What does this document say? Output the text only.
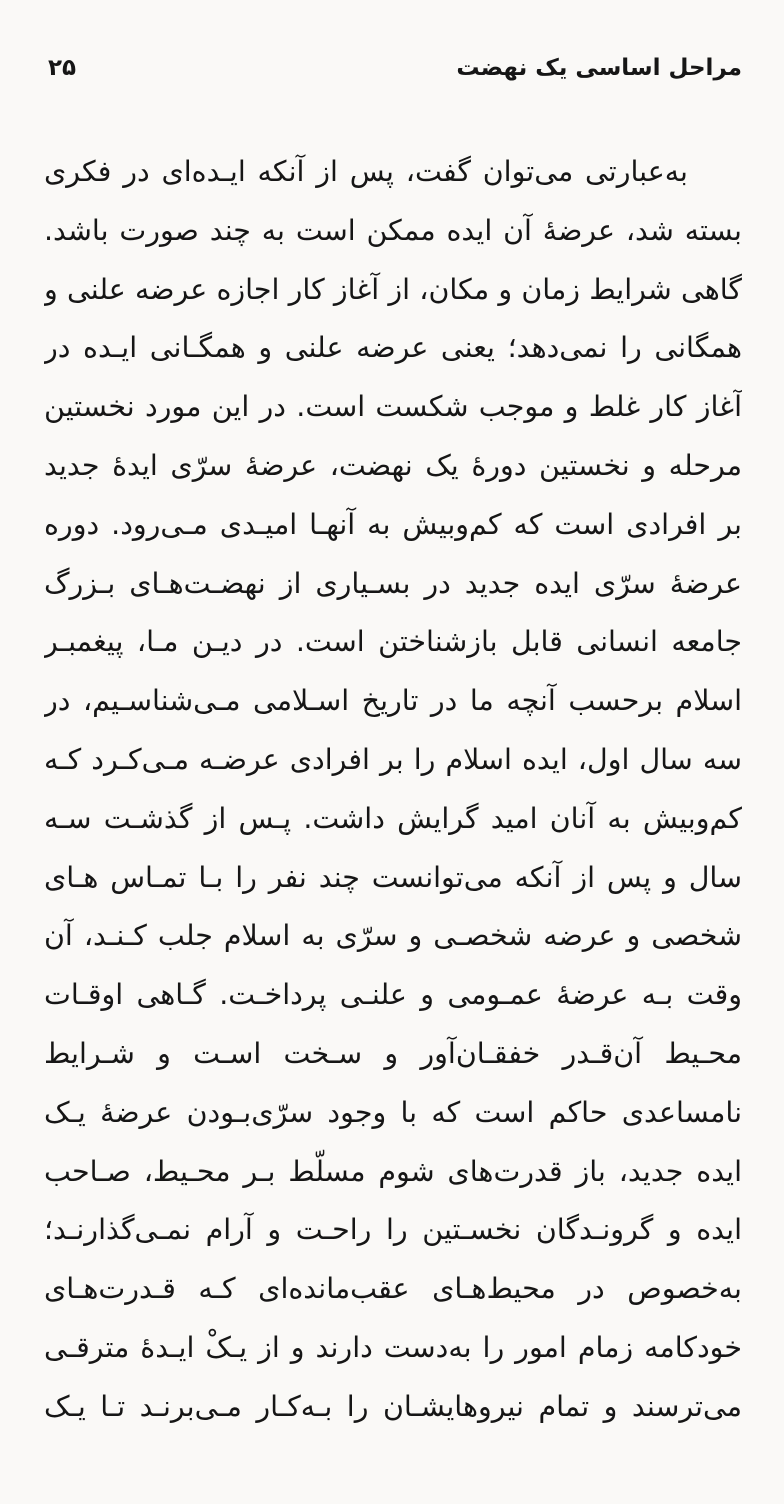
مراحل اساسی یک نهضت
۲۵
به‌عبارتی می‌توان گفت، پس از آنکه ایـده‌ای در فکری
بسته شد، عرضهٔ آن ایده ممکن است به چند صورت باشد.
گاهی شرایط زمان و مکان، از آغاز کار اجازه عرضه علنی و
همگانی را نمی‌دهد؛ یعنی عرضه علنی و همگـانی ایـده در
آغاز کار غلط و موجب شکست است. در این مورد نخستین
مرحله و نخستین دورهٔ یک نهضت، عرضهٔ سرّی ایدهٔ جدید
بر افرادی است که کم‌وبیش به آنهـا امیـدی مـی‌رود. دوره
عرضهٔ سرّی ایده جدید در بسـیاری از نهضـت‌هـای بـزرگ
جامعه انسانی قابل بازشناختن است. در دیـن مـا، پیغمبـر
اسلام برحسب آنچه ما در تاریخ اسـلامی مـی‌شناسـیم، در
سه سال اول، ایده اسلام را بر افرادی عرضـه مـی‌کـرد کـه
کم‌وبیش به آنان امید گرایش داشت. پـس از گذشـت سـه
سال و پس از آنکه می‌توانست چند نفر را بـا تمـاس هـای
شخصی و عرضه شخصـی و سرّی به اسلام جلب کـنـد، آن
وقت بـه عرضهٔ عمـومی و علنـی پرداخـت. گـاهی اوقـات
محـیط آن‌قـدر خفقـان‌آور و سـخت اسـت و شـرایط
نامساعدی حاکم است که با وجود سرّی‌بـودن عرضهٔ یـک
ایده جدید، باز قدرت‌های شوم مسلّط بـر محـیط، صـاحب
ایده و گرونـدگان نخسـتین را راحـت و آرام نمـی‌گذارنـد؛
به‌خصوص در محیط‌هـای عقب‌مانده‌ای کـه قـدرت‌هـای
خودکامه زمام امور را به‌دست دارند و از یـکْ ایـدهٔ مترقـی
می‌ترسند و تمام نیروهایشـان را بـه‌کـار مـی‌برنـد تـا یـک
